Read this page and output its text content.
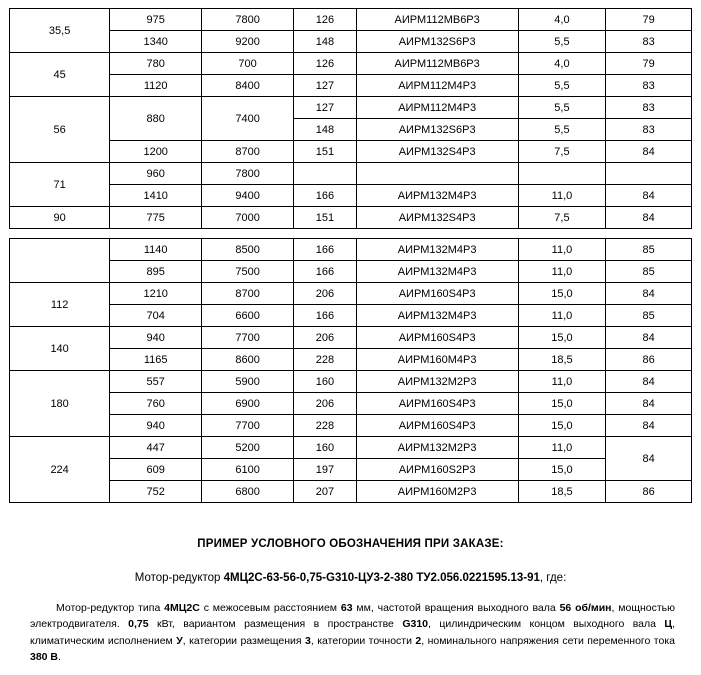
35,5	975	7800	126	АИРМ112МВ6Р3	4,0	79
	1340	9200	148	АИРМ132S6Р3	5,5	83
45	780	700	126	АИРМ112МВ6Р3	4,0	79
	1120	8400	127	АИРМ112М4Р3	5,5	83
56	880	7400	127	АИРМ112М4Р3	5,5	83
			148	АИРМ132S6Р3	5,5	83
	1200	8700	151	АИРМ132S4Р3	7,5	84
71	960	7800				
	1410	9400	166	АИРМ132М4Р3	11,0	84
90	775	7000	151	АИРМ132S4Р3	7,5	84
	1140	8500	166	АИРМ132М4Р3	11,0	85
	895	7500	166	АИРМ132М4Р3	11,0	85
112	1210	8700	206	АИРМ160S4Р3	15,0	84
	704	6600	166	АИРМ132М4Р3	11,0	85
140	940	7700	206	АИРМ160S4Р3	15,0	84
	1165	8600	228	АИРМ160М4Р3	18,5	86
180	557	5900	160	АИРМ132М2Р3	11,0	84
	760	6900	206	АИРМ160S4Р3	15,0	84
	940	7700	228	АИРМ160S4Р3	15,0	84
224	447	5200	160	АИРМ132М2Р3	11,0	84
	609	6100	197	АИРМ160S2Р3	15,0	
	752	6800	207	АИРМ160М2Р3	18,5	86
ПРИМЕР УСЛОВНОГО ОБОЗНАЧЕНИЯ ПРИ ЗАКАЗЕ:
Мотор-редуктор 4МЦ2С-63-56-0,75-G310-ЦУ3-2-380 ТУ2.056.0221595.13-91, где:
Мотор-редуктор типа 4МЦ2С с межосевым расстоянием 63 мм, частотой вращения выходного вала 56 об/мин, мощностью электродвигателя. 0,75 кВт, вариантом размещения в пространстве G310, цилиндрическим концом выходного вала Ц, климатическим исполнением У, категории размещения 3, категории точности 2, номинального напряжения сети переменного тока 380 В.
